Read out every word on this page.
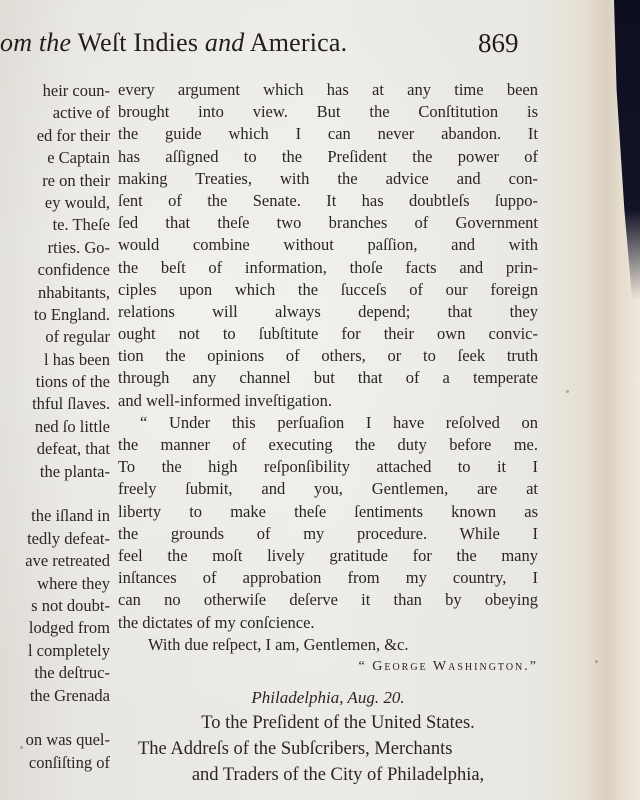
om the Weſt Indies and America.	869
heir coun-
active of
ed for their
e Captain
re on their
ey would,
te. Theſe
rties. Go-
confidence
nhabitants,
to England.
of regular
l has been
tions of the
thful ſlaves.
ned ſo little
defeat, that
the planta-
the iſland in
tedly defeat-
ave retreated
where they
s not doubt-
lodged from
l completely
the deſtruc-
the Grenada
on was quel-
conſiſting of
every argument which has at any time been
brought into view. But the Conſtitution is
the guide which I can never abandon. It
has aſſigned to the Preſident the power of
making Treaties, with the advice and con-
ſent of the Senate. It has doubtleſs ſuppo-
ſed that theſe two branches of Government
would combine without paſſion, and with
the beſt of information, thoſe facts and prin-
ciples upon which the ſucceſs of our foreign
relations will always depend; that they
ought not to ſubſtitute for their own convic-
tion the opinions of others, or to ſeek truth
through any channel but that of a temperate
and well-informed inveſtigation.
“ Under this perſuaſion I have reſolved on
the manner of executing the duty before me.
To the high reſponſibility attached to it I
freely ſubmit, and you, Gentlemen, are at
liberty to make theſe ſentiments known as
the grounds of my procedure. While I
feel the moſt lively gratitude for the many
inſtances of approbation from my country, I
can no otherwiſe deſerve it than by obeying
the dictates of my conſcience.
With due reſpect, I am, Gentlemen, &c.
“ George Washington.”
Philadelphia, Aug. 20.
To the Preſident of the United States.
The Addreſs of the Subſcribers, Merchants
and Traders of the City of Philadelphia,
